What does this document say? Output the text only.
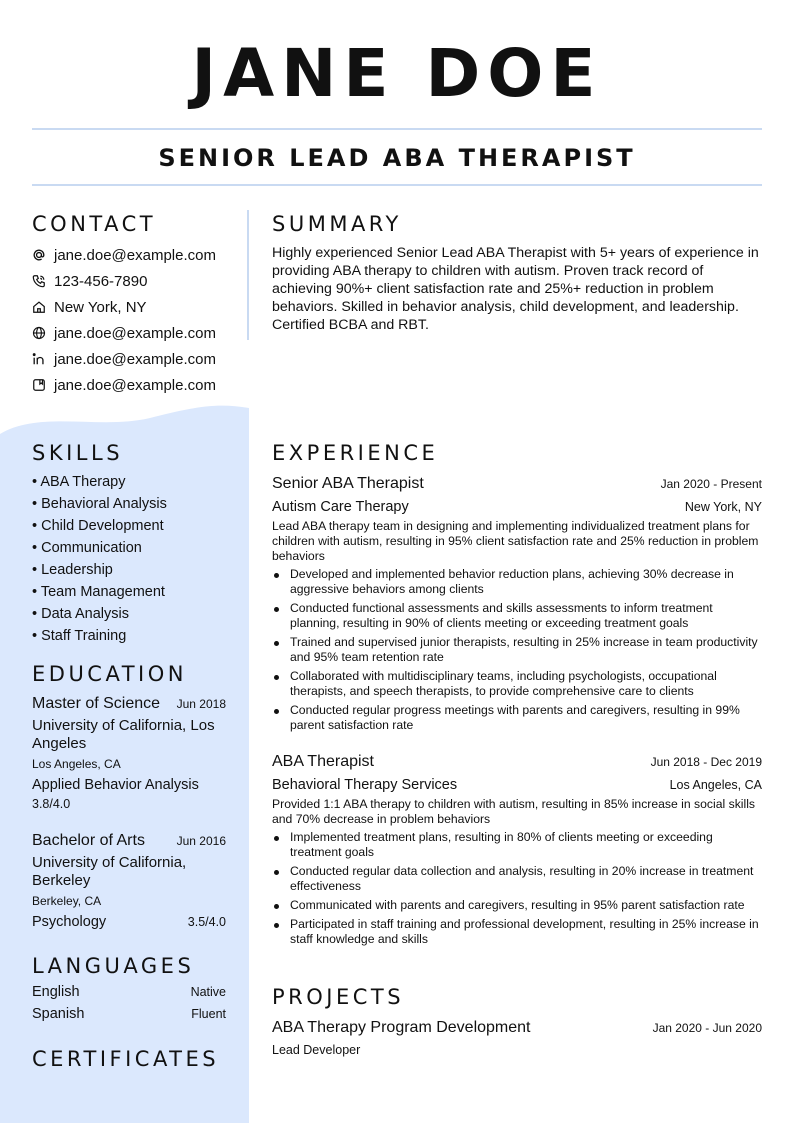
JANE DOE
SENIOR LEAD ABA THERAPIST
CONTACT
jane.doe@example.com
123-456-7890
New York, NY
jane.doe@example.com
jane.doe@example.com
jane.doe@example.com
SUMMARY

Highly experienced Senior Lead ABA Therapist with 5+ years of experience in providing ABA therapy to children with autism. Proven track record of achieving 90%+ client satisfaction rate and 25%+ reduction in problem behaviors. Skilled in behavior analysis, child development, and leadership. Certified BCBA and RBT.

SKILLS
• ABA Therapy
• Behavioral Analysis
• Child Development
• Communication
• Leadership
• Team Management
• Data Analysis
• Staff Training
EDUCATION
Master of Science Jun 2018
University of California, Los Angeles
Los Angeles, CA
Applied Behavior Analysis
3.8/4.0
Bachelor of Arts	Jun 2016
University of California, Berkeley
Berkeley, CA
Psychology	3.5/4.0
LANGUAGES
English	Native
Spanish	Fluent
CERTIFICATES
EXPERIENCE
Senior ABA Therapist	Jan 2020 - Present
Autism Care Therapy	New York, NY
Lead ABA therapy team in designing and implementing individualized treatment plans for children with autism, resulting in 95% client satisfaction rate and 25% reduction in problem behaviors
Developed and implemented behavior reduction plans, achieving 30% decrease in aggressive behaviors among clients
Conducted functional assessments and skills assessments to inform treatment planning, resulting in 90% of clients meeting or exceeding treatment goals
Trained and supervised junior therapists, resulting in 25% increase in team productivity and 95% team retention rate
Collaborated with multidisciplinary teams, including psychologists, occupational therapists, and speech therapists, to provide comprehensive care to clients
Conducted regular progress meetings with parents and caregivers, resulting in 99% parent satisfaction rate
ABA Therapist	Jun 2018 - Dec 2019
Behavioral Therapy Services	Los Angeles, CA
Provided 1:1 ABA therapy to children with autism, resulting in 85% increase in social skills and 70% decrease in problem behaviors
Implemented treatment plans, resulting in 80% of clients meeting or exceeding treatment goals
Conducted regular data collection and analysis, resulting in 20% increase in treatment effectiveness
Communicated with parents and caregivers, resulting in 95% parent satisfaction rate
Participated in staff training and professional development, resulting in 25% increase in staff knowledge and skills
PROJECTS
ABA Therapy Program Development	Jan 2020 - Jun 2020
Lead Developer
